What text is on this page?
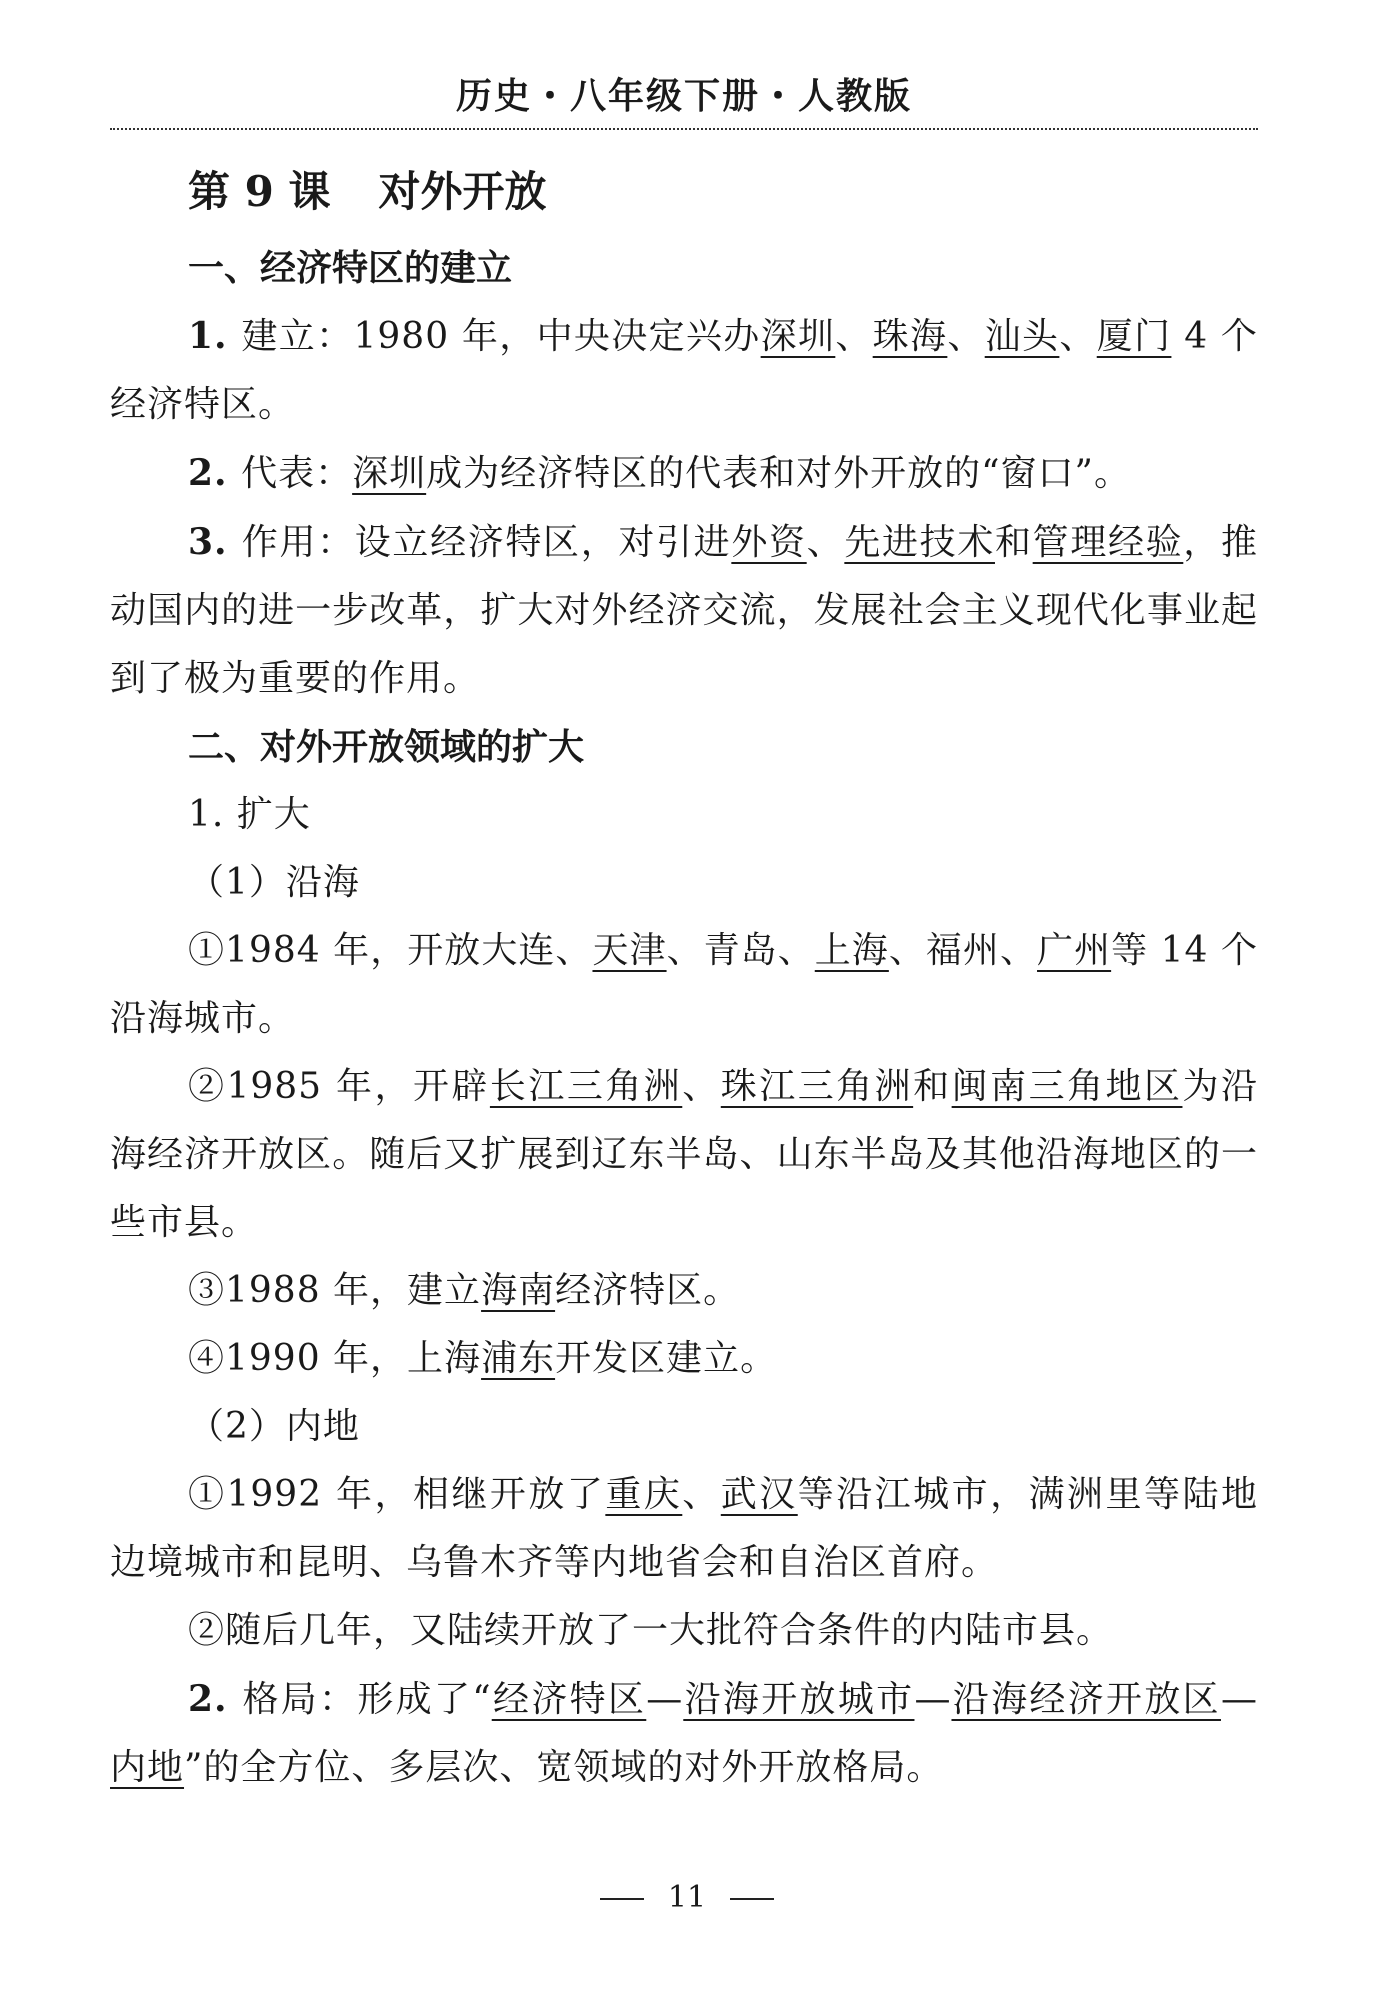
历史・八年级下册・人教版
第 9 课 对外开放
一、经济特区的建立

1. 建立：1980 年，中央决定兴办深圳、珠海、汕头、厦门 4 个经济特区。

2. 代表：深圳成为经济特区的代表和对外开放的“窗口”。

3. 作用：设立经济特区，对引进外资、先进技术和管理经验，推动国内的进一步改革，扩大对外经济交流，发展社会主义现代化事业起到了极为重要的作用。

二、对外开放领域的扩大

1. 扩大

（1）沿海

①1984 年，开放大连、天津、青岛、上海、福州、广州等 14 个沿海城市。

②1985 年，开辟长江三角洲、珠江三角洲和闽南三角地区为沿海经济开放区。随后又扩展到辽东半岛、山东半岛及其他沿海地区的一些市县。

③1988 年，建立海南经济特区。

④1990 年，上海浦东开发区建立。

（2）内地

①1992 年，相继开放了重庆、武汉等沿江城市，满洲里等陆地边境城市和昆明、乌鲁木齐等内地省会和自治区首府。

②随后几年，又陆续开放了一大批符合条件的内陆市县。

2. 格局：形成了“经济特区—沿海开放城市—沿海经济开放区—内地”的全方位、多层次、宽领域的对外开放格局。

11
